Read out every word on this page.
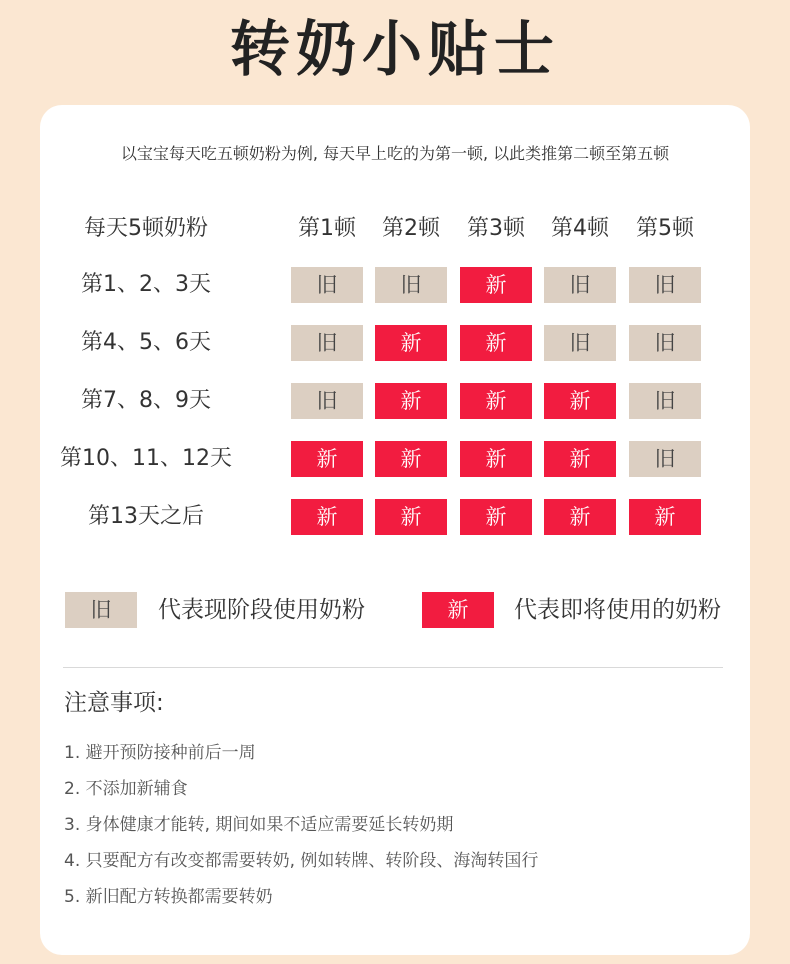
转奶小贴士
以宝宝每天吃五顿奶粉为例, 每天早上吃的为第一顿, 以此类推第二顿至第五顿
每天5顿奶粉	第1顿	第2顿	第3顿	第4顿	第5顿
第1、2、3天	旧	旧	新	旧	旧
第4、5、6天	旧	新	新	旧	旧
第7、8、9天	旧	新	新	新	旧
第10、11、12天	新	新	新	新	旧
第13天之后	新	新	新	新	新
旧	代表现阶段使用奶粉	新	代表即将使用的奶粉
注意事项:
1. 避开预防接种前后一周
2. 不添加新辅食
3. 身体健康才能转, 期间如果不适应需要延长转奶期
4. 只要配方有改变都需要转奶, 例如转牌、转阶段、海淘转国行
5. 新旧配方转换都需要转奶
